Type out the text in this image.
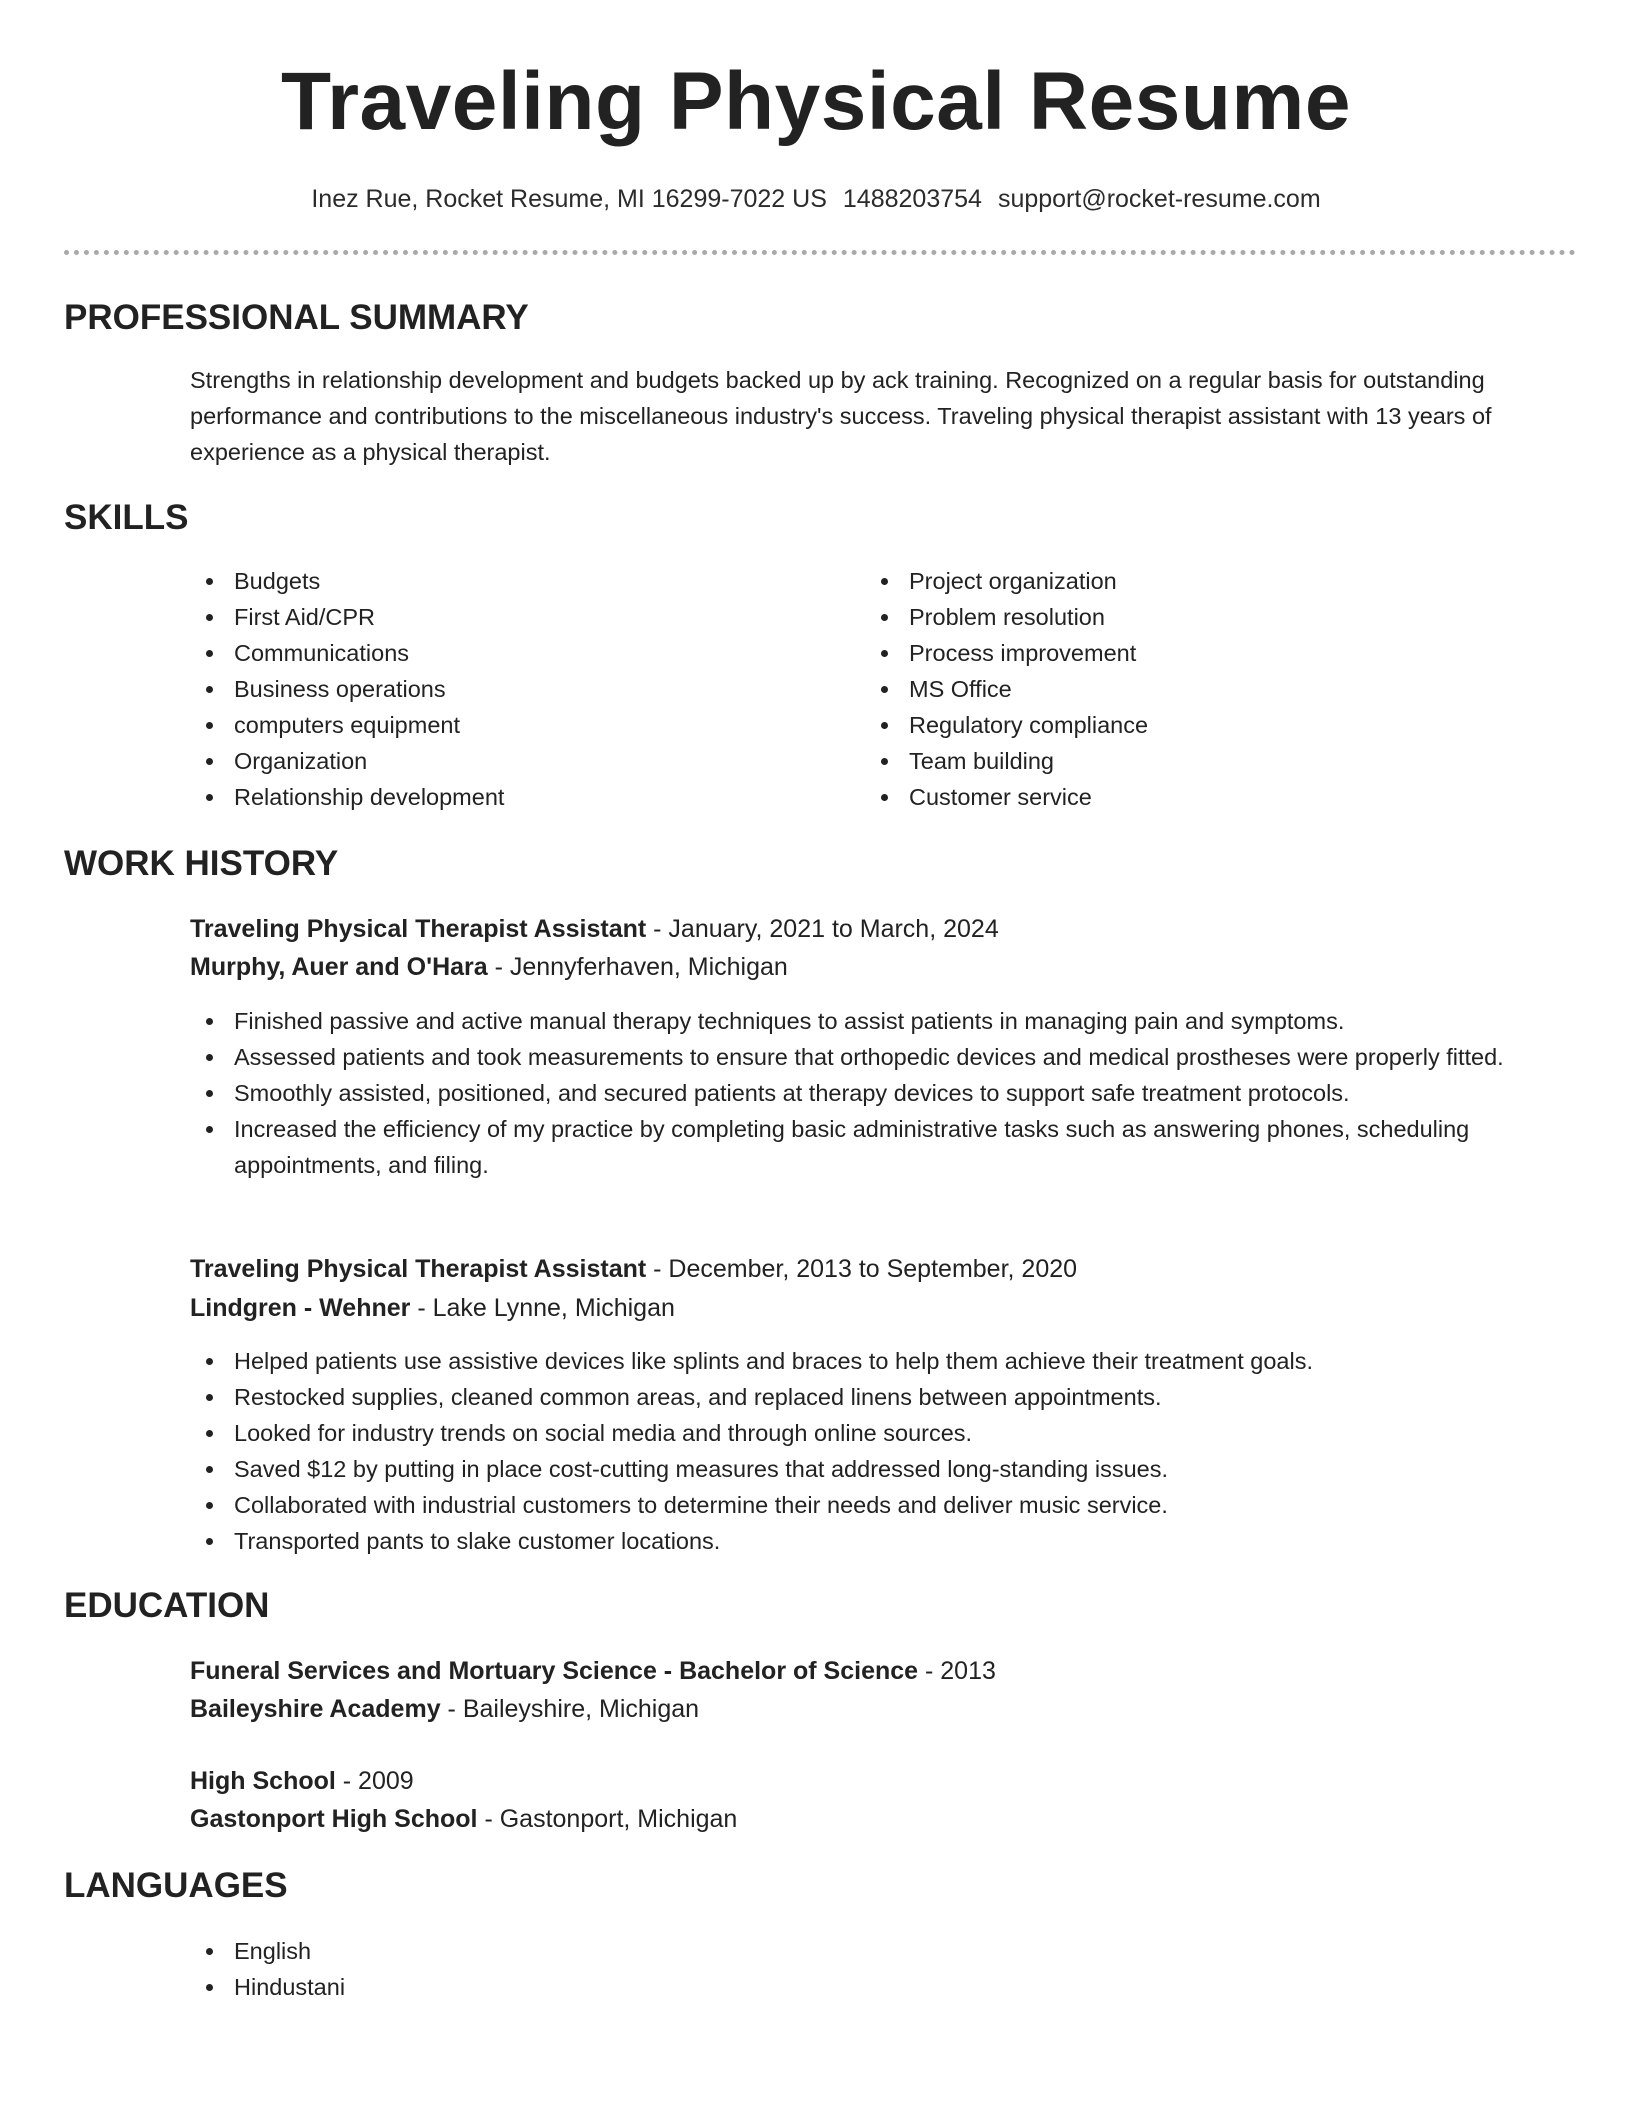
Traveling Physical Resume
Inez Rue, Rocket Resume, MI 16299-7022 US 1488203754 support@rocket-resume.com
PROFESSIONAL SUMMARY

Strengths in relationship development and budgets backed up by ack training. Recognized on a regular basis for outstanding performance and contributions to the miscellaneous industry's success. Traveling physical therapist assistant with 13 years of experience as a physical therapist.

SKILLS
Budgets
First Aid/CPR
Communications
Business operations
computers equipment
Organization
Relationship development
Project organization
Problem resolution
Process improvement
MS Office
Regulatory compliance
Team building
Customer service
WORK HISTORY
Traveling Physical Therapist Assistant - January, 2021 to March, 2024
Murphy, Auer and O'Hara - Jennyferhaven, Michigan
Finished passive and active manual therapy techniques to assist patients in managing pain and symptoms.
Assessed patients and took measurements to ensure that orthopedic devices and medical prostheses were properly fitted.
Smoothly assisted, positioned, and secured patients at therapy devices to support safe treatment protocols.
Increased the efficiency of my practice by completing basic administrative tasks such as answering phones, scheduling appointments, and filing.
Traveling Physical Therapist Assistant - December, 2013 to September, 2020
Lindgren - Wehner - Lake Lynne, Michigan
Helped patients use assistive devices like splints and braces to help them achieve their treatment goals.
Restocked supplies, cleaned common areas, and replaced linens between appointments.
Looked for industry trends on social media and through online sources.
Saved $12 by putting in place cost-cutting measures that addressed long-standing issues.
Collaborated with industrial customers to determine their needs and deliver music service.
Transported pants to slake customer locations.
EDUCATION
Funeral Services and Mortuary Science - Bachelor of Science - 2013
Baileyshire Academy - Baileyshire, Michigan
High School - 2009
Gastonport High School - Gastonport, Michigan
LANGUAGES
English
Hindustani
